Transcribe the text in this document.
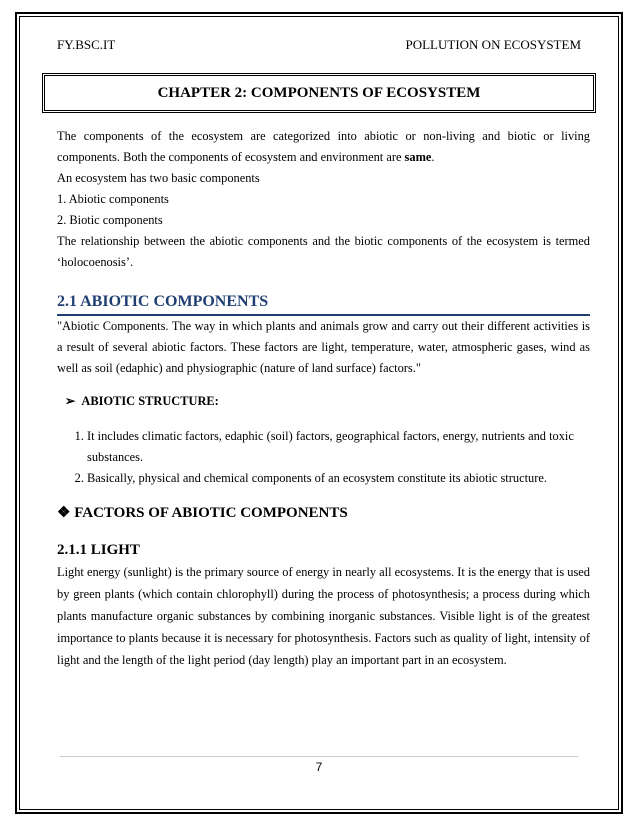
FY.BSC.IT	POLLUTION ON ECOSYSTEM
CHAPTER 2: COMPONENTS OF ECOSYSTEM

The components of the ecosystem are categorized into abiotic or non-living and biotic or living components. Both the components of ecosystem and environment are same.

An ecosystem has two basic components

1. Abiotic components

2. Biotic components

The relationship between the abiotic components and the biotic components of the ecosystem is termed ‘holocoenosis’.

2.1 ABIOTIC COMPONENTS

"Abiotic Components. The way in which plants and animals grow and carry out their different activities is a result of several abiotic factors. These factors are light, temperature, water, atmospheric gases, wind as well as soil (edaphic) and physiographic (nature of land surface) factors."

➢ ABIOTIC STRUCTURE:
1. It includes climatic factors, edaphic (soil) factors, geographical factors, energy, nutrients and toxic substances.
2. Basically, physical and chemical components of an ecosystem constitute its abiotic structure.
❖ FACTORS OF ABIOTIC COMPONENTS
2.1.1 LIGHT

Light energy (sunlight) is the primary source of energy in nearly all ecosystems. It is the energy that is used by green plants (which contain chlorophyll) during the process of photosynthesis; a process during which plants manufacture organic substances by combining inorganic substances. Visible light is of the greatest importance to plants because it is necessary for photosynthesis. Factors such as quality of light, intensity of light and the length of the light period (day length) play an important part in an ecosystem.

7
